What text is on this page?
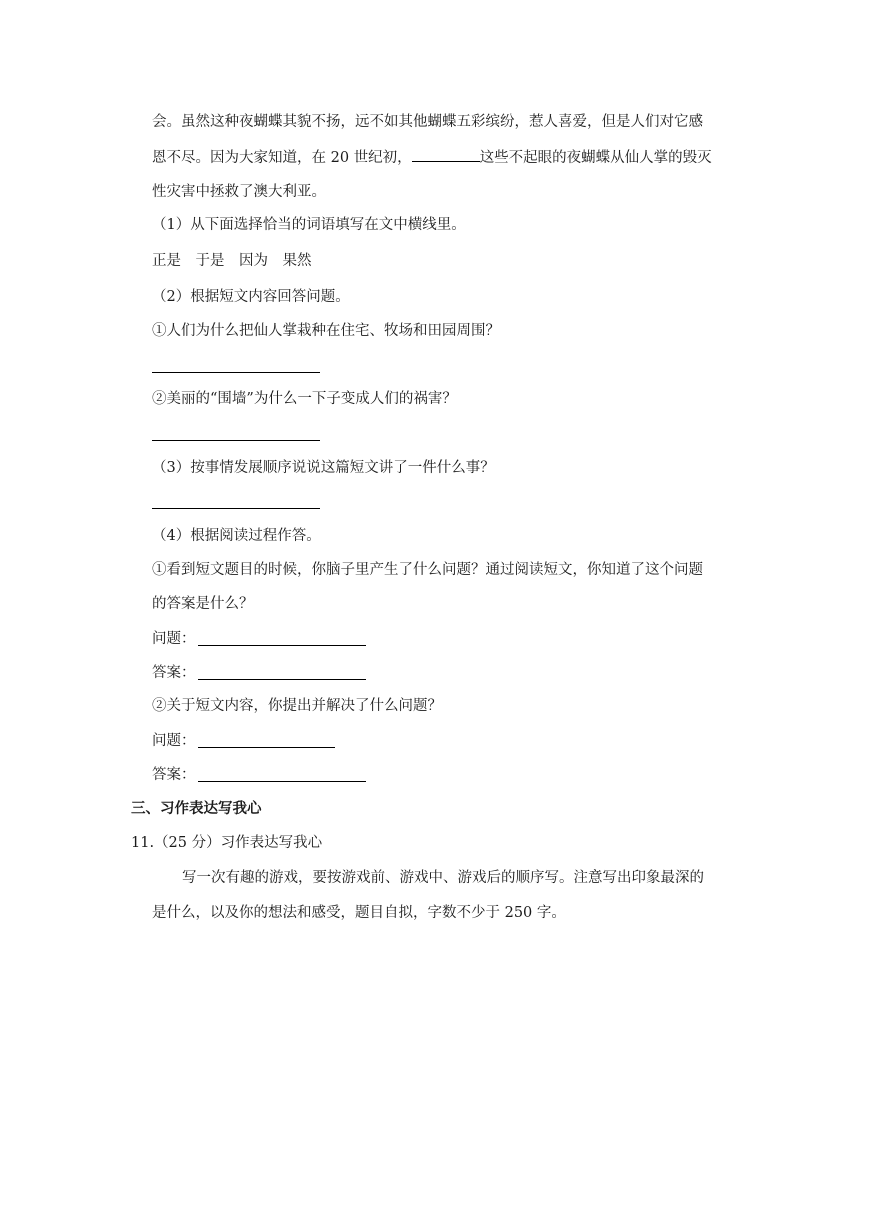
会。虽然这种夜蝴蝶其貌不扬，远不如其他蝴蝶五彩缤纷，惹人喜爱，但是人们对它感

恩不尽。因为大家知道，在 20 世纪初，	这些不起眼的夜蝴蝶从仙人掌的毁灭

性灾害中拯救了澳大利亚。

（1）从下面选择恰当的词语填写在文中横线里。

正是　于是　因为　果然

（2）根据短文内容回答问题。

①人们为什么把仙人掌栽种在住宅、牧场和田园周围？

②美丽的“围墙”为什么一下子变成人们的祸害？

（3）按事情发展顺序说说这篇短文讲了一件什么事？

（4）根据阅读过程作答。

①看到短文题目的时候，你脑子里产生了什么问题？通过阅读短文，你知道了这个问题

的答案是什么？

问题：

答案：

②关于短文内容，你提出并解决了什么问题？

问题：

答案：

三、习作表达写我心

11.（25 分）习作表达写我心

写一次有趣的游戏，要按游戏前、游戏中、游戏后的顺序写。注意写出印象最深的

是什么，以及你的想法和感受，题目自拟，字数不少于 250 字。
